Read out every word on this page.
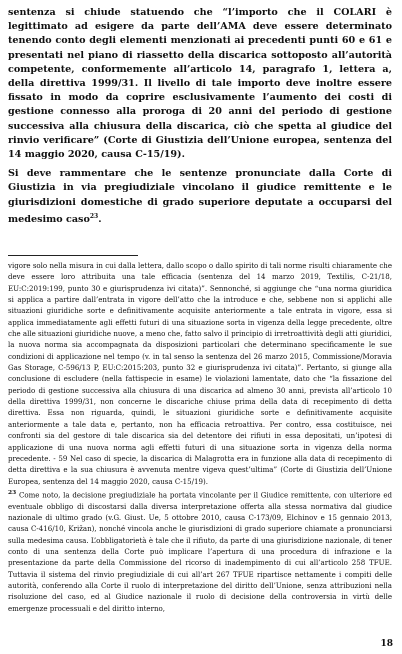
sentenza si chiude statuendo che “l’importo che il COLARI è legittimato ad esigere da parte dell’AMA deve essere determinato tenendo conto degli elementi menzionati ai precedenti punti 60 e 61 e presentati nel piano di riassetto della discarica sottoposto all’autorità competente, conformemente all’articolo 14, paragrafo 1, lettera a, della direttiva 1999/31. Il livello di tale importo deve inoltre essere fissato in modo da coprire esclusivamente l’aumento dei costi di gestione connesso alla proroga di 20 anni del periodo di gestione successiva alla chiusura della discarica, ciò che spetta al giudice del rinvio verificare” (Corte di Giustizia dell’Unione europea, sentenza del 14 maggio 2020, causa C-15/19).

Si deve rammentare che le sentenze pronunciate dalla Corte di Giustizia in via pregiudiziale vincolano il giudice remittente e le giurisdizioni domestiche di grado superiore deputate a occuparsi del medesimo caso$^{23}$.

vigore solo nella misura in cui dalla lettera, dallo scopo o dallo spirito di tali norme risulti chiaramente che deve essere loro attribuita una tale efficacia (sentenza del 14 marzo 2019, Textilis, C-21/18, EU:C:2019:199, punto 30 e giurisprudenza ivi citata)”. Sennonché, si aggiunge che “una norma giuridica si applica a partire dall’entrata in vigore dell’atto che la introduce e che, sebbene non si applichi alle situazioni giuridiche sorte e definitivamente acquisite anteriormente a tale entrata in vigore, essa si applica immediatamente agli effetti futuri di una situazione sorta in vigenza della legge precedente, oltre che alle situazioni giuridiche nuove, a meno che, fatto salvo il principio di irretroattività degli atti giuridici, la nuova norma sia accompagnata da disposizioni particolari che determinano specificamente le sue condizioni di applicazione nel tempo (v. in tal senso la sentenza del 26 marzo 2015, Commissione/Moravia Gas Storage, C-596/13 P, EU:C:2015:203, punto 32 e giurisprudenza ivi citata)”. Pertanto, si giunge alla conclusione di escludere (nella fattispecie in esame) le violazioni lamentate, dato che “la fissazione del periodo di gestione successiva alla chiusura di una discarica ad almeno 30 anni, prevista all’articolo 10 della direttiva 1999/31, non concerne le discariche chiuse prima della data di recepimento di detta direttiva. Essa non riguarda, quindi, le situazioni giuridiche sorte e definitivamente acquisite anteriormente a tale data e, pertanto, non ha efficacia retroattiva. Per contro, essa costituisce, nei confronti sia del gestore di tale discarica sia del detentore dei rifiuti in essa depositati, un’ipotesi di applicazione di una nuova norma agli effetti futuri di una situazione sorta in vigenza della norma precedente. - 59 Nel caso di specie, la discarica di Malagrotta era in funzione alla data di recepimento di detta direttiva e la sua chiusura è avvenuta mentre vigeva quest’ultima” (Corte di Giustizia dell’Unione Europea, sentenza del 14 maggio 2020, causa C-15/19).

$^{23}$ Come noto, la decisione pregiudiziale ha portata vincolante per il Giudice remittente, con ulteriore ed eventuale obbligo di discostarsi dalla diversa interpretazione offerta alla stessa normativa dal giudice nazionale di ultimo grado (v.G. Giust. Ue, 5 ottobre 2010, causa C-173/09, Elchinov e 15 gennaio 2013, causa C-416/10, Križan), nonché vincola anche le giurisdizioni di grado superiore chiamate a pronunciarsi sulla medesima causa. L’obbligatorietà è tale che il rifiuto, da parte di una giurisdizione nazionale, di tener conto di una sentenza della Corte può implicare l’apertura di una procedura di infrazione e la presentazione da parte della Commissione del ricorso di inadempimento di cui all’articolo 258 TFUE. Tuttavia il sistema del rinvio pregiudiziale di cui all’art 267 TFUE ripartisce nettamente i compiti delle autorità, conferendo alla Corte il ruolo di interpretazione del diritto dell’Unione, senza attribuzioni nella risoluzione del caso, ed al Giudice nazionale il ruolo di decisione della controversia in virtù delle emergenze processuali e del diritto interno,

18
